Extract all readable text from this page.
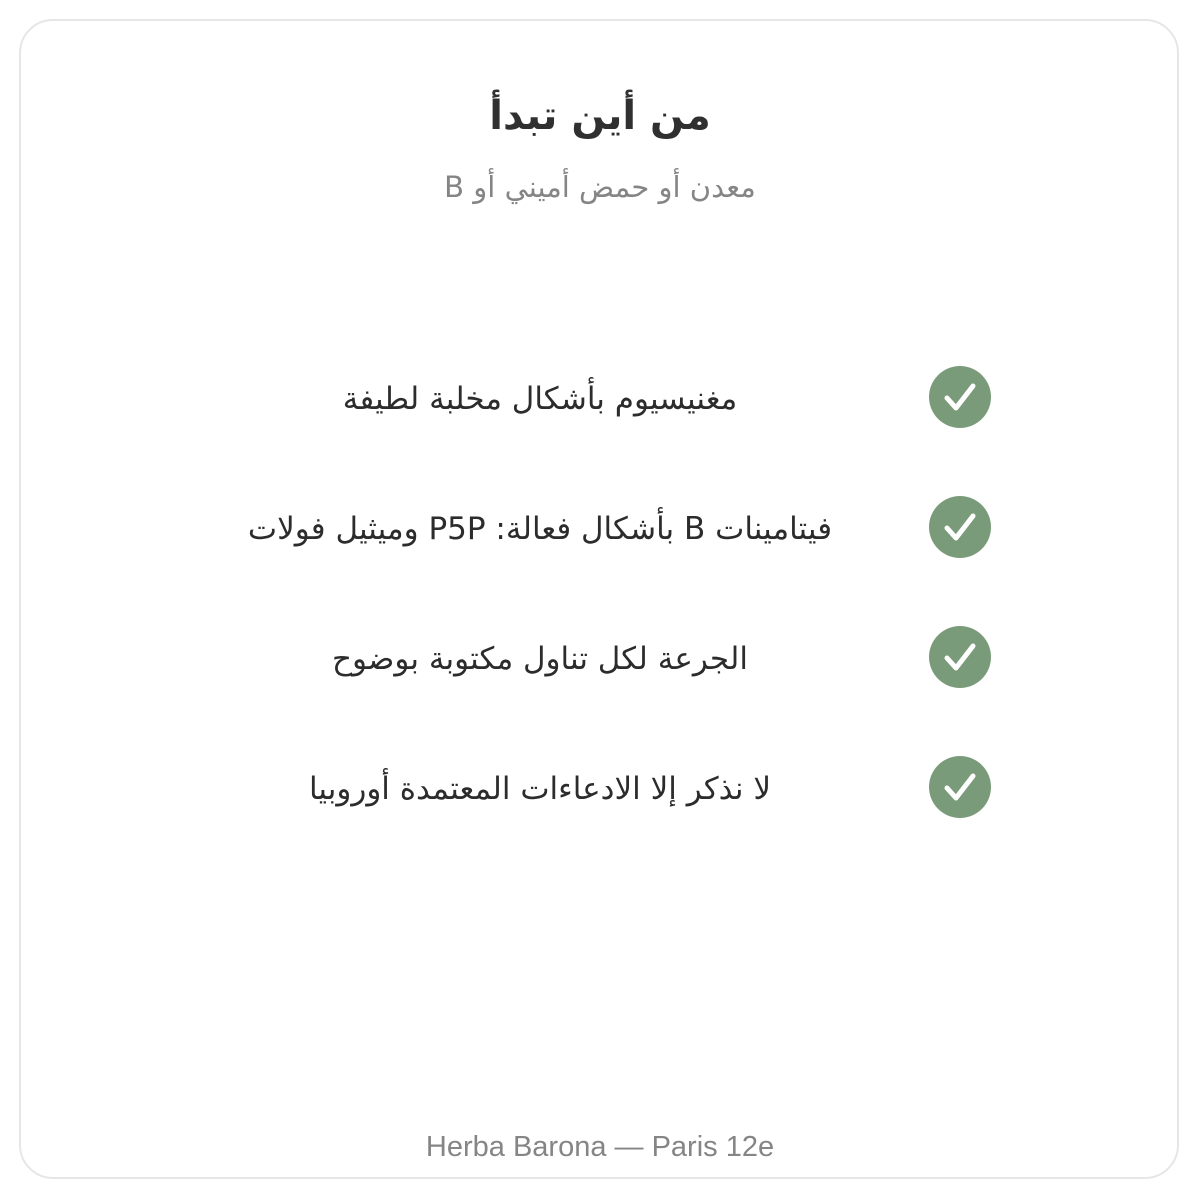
من أين تبدأ
معدن أو حمض أميني أو B
مغنيسيوم بأشكال مخلبة لطيفة
فيتامينات B بأشكال فعالة: P5P وميثيل فولات
الجرعة لكل تناول مكتوبة بوضوح
لا نذكر إلا الادعاءات المعتمدة أوروبيا
Herba Barona — Paris 12e
